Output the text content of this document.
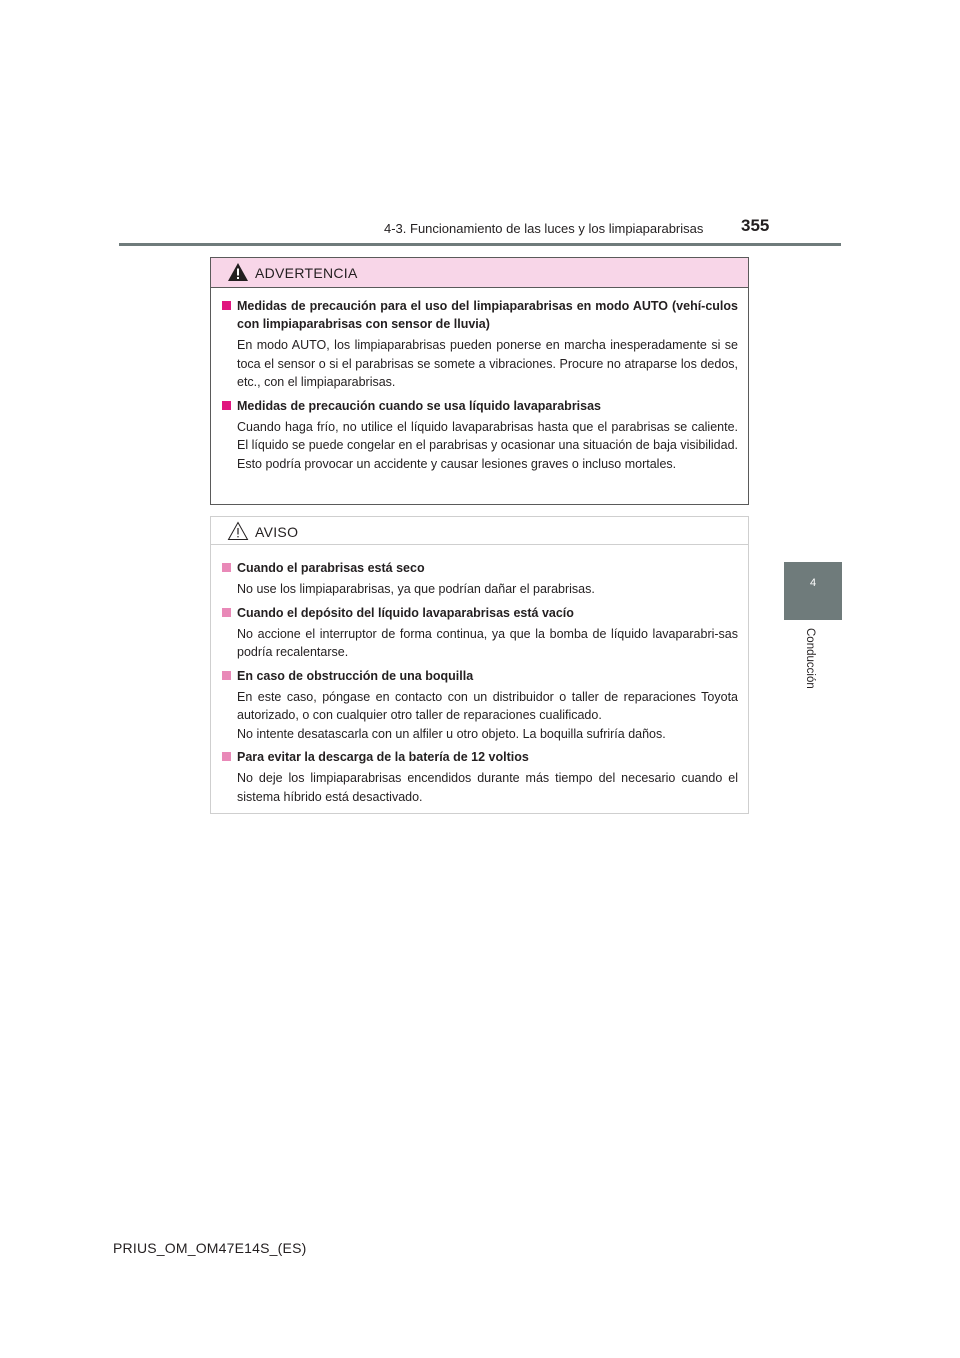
4-3. Funcionamiento de las luces y los limpiaparabrisas 355
4
Conducción
ADVERTENCIA
Medidas de precaución para el uso del limpiaparabrisas en modo AUTO (vehí-culos con limpiaparabrisas con sensor de lluvia)
En modo AUTO, los limpiaparabrisas pueden ponerse en marcha inesperadamente si se toca el sensor o si el parabrisas se somete a vibraciones. Procure no atraparse los dedos, etc., con el limpiaparabrisas.
Medidas de precaución cuando se usa líquido lavaparabrisas
Cuando haga frío, no utilice el líquido lavaparabrisas hasta que el parabrisas se caliente. El líquido se puede congelar en el parabrisas y ocasionar una situación de baja visibilidad. Esto podría provocar un accidente y causar lesiones graves o incluso mortales.
AVISO
Cuando el parabrisas está seco
No use los limpiaparabrisas, ya que podrían dañar el parabrisas.
Cuando el depósito del líquido lavaparabrisas está vacío
No accione el interruptor de forma continua, ya que la bomba de líquido lavaparabri-sas podría recalentarse.
En caso de obstrucción de una boquilla
En este caso, póngase en contacto con un distribuidor o taller de reparaciones Toyota autorizado, o con cualquier otro taller de reparaciones cualificado.
No intente desatascarla con un alfiler u otro objeto. La boquilla sufriría daños.
Para evitar la descarga de la batería de 12 voltios
No deje los limpiaparabrisas encendidos durante más tiempo del necesario cuando el sistema híbrido está desactivado.
PRIUS_OM_OM47E14S_(ES)
